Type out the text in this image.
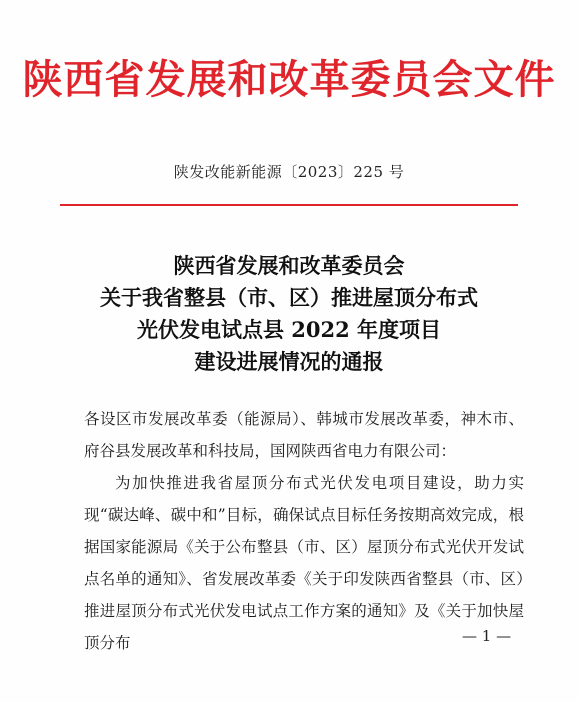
陕西省发展和改革委员会文件
陕发改能新能源〔2023〕225 号
陕西省发展和改革委员会
关于我省整县（市、区）推进屋顶分布式
光伏发电试点县 2022 年度项目
建设进展情况的通报

各设区市发展改革委（能源局）、韩城市发展改革委，神木市、府谷县发展改革和科技局，国网陕西省电力有限公司：

为加快推进我省屋顶分布式光伏发电项目建设，助力实现“碳达峰、碳中和”目标，确保试点目标任务按期高效完成，根据国家能源局《关于公布整县（市、区）屋顶分布式光伏开发试点名单的通知》、省发展改革委《关于印发陕西省整县（市、区）推进屋顶分布式光伏发电试点工作方案的通知》及《关于加快屋顶分布	— 1 —
